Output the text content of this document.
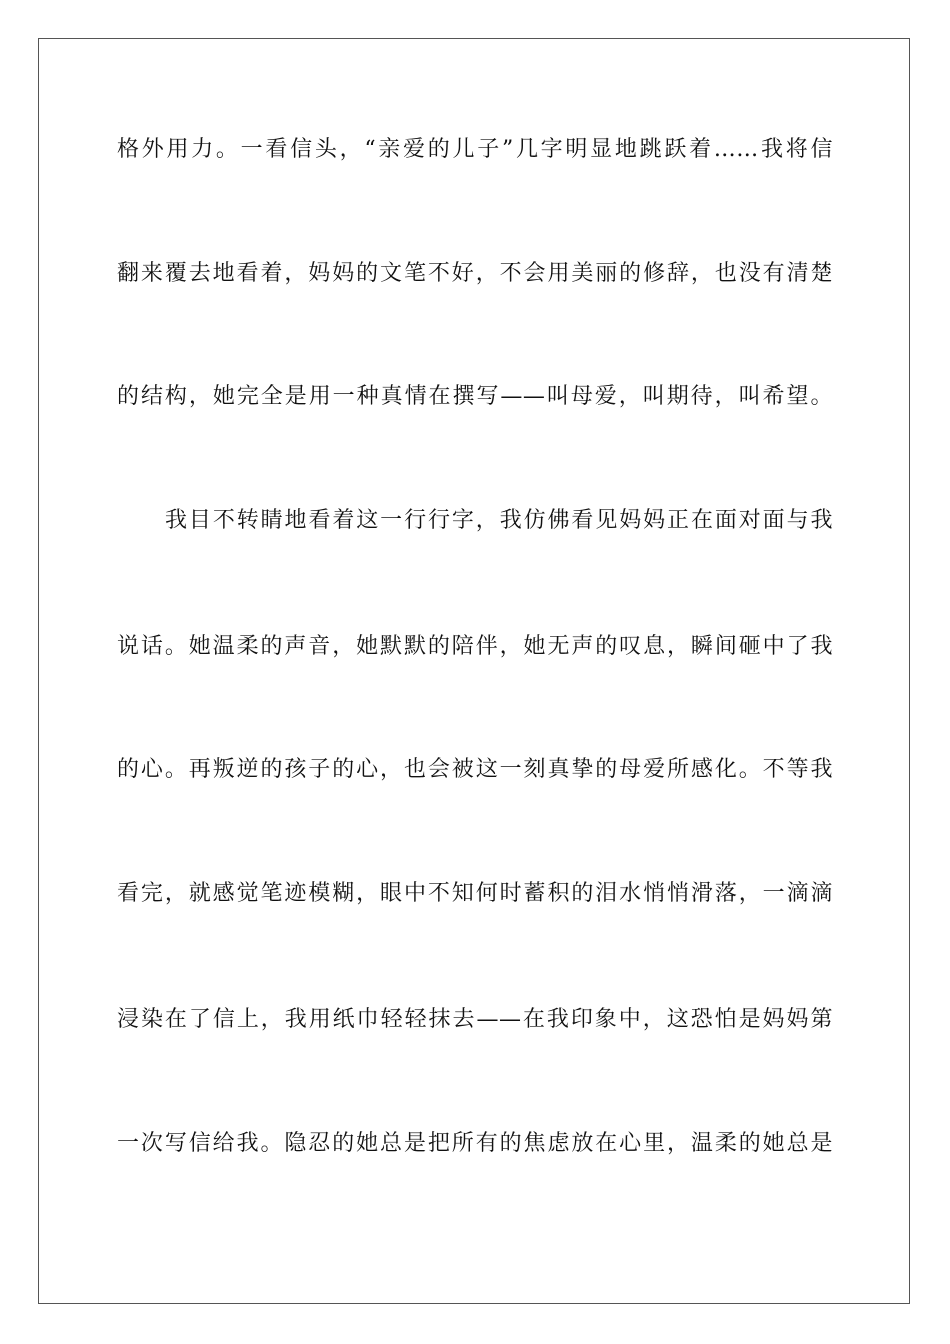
格外用力。一看信头，“亲爱的儿子”几字明显地跳跃着……我将信
翻来覆去地看着，妈妈的文笔不好，不会用美丽的修辞，也没有清楚
的结构，她完全是用一种真情在撰写——叫母爱，叫期待，叫希望。
我目不转睛地看着这一行行字，我仿佛看见妈妈正在面对面与我
说话。她温柔的声音，她默默的陪伴，她无声的叹息，瞬间砸中了我
的心。再叛逆的孩子的心，也会被这一刻真挚的母爱所感化。不等我
看完，就感觉笔迹模糊，眼中不知何时蓄积的泪水悄悄滑落，一滴滴
浸染在了信上，我用纸巾轻轻抹去——在我印象中，这恐怕是妈妈第
一次写信给我。隐忍的她总是把所有的焦虑放在心里，温柔的她总是
